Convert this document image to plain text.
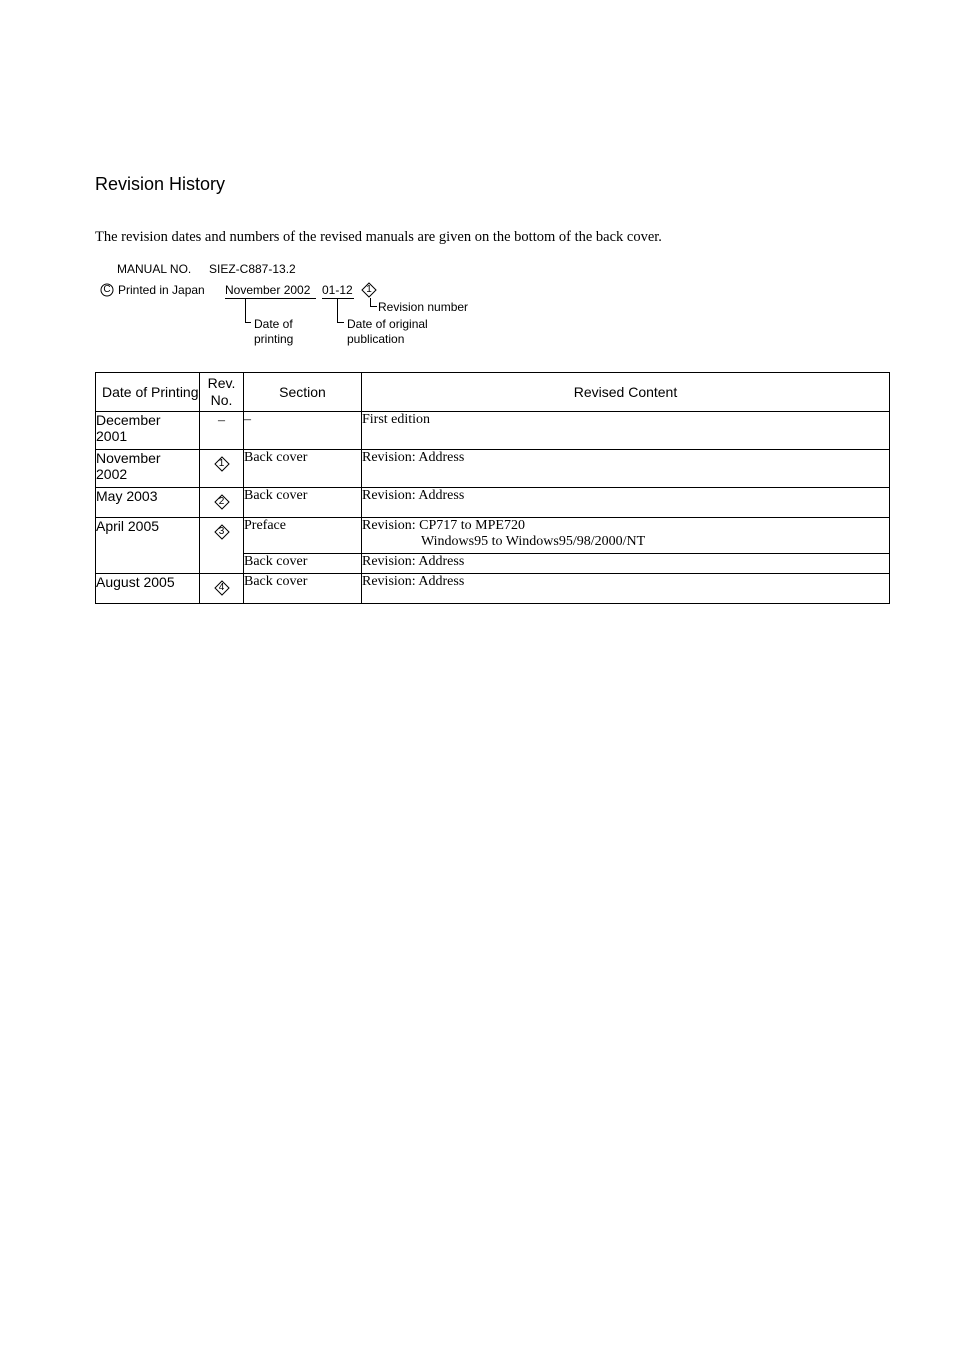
Revision History
The revision dates and numbers of the revised manuals are given on the bottom of the back cover.
MANUAL NO. SIEZ-C887-13.2
C Printed in Japan November 2002 01-12	1
Revision number
Date of
printing
Date of original
publication
Date of Printing	Rev.
No.	Section	Revised Content
December
2001	–	–	First edition
November
2002	1	Back cover	Revision: Address
May 2003	2	Back cover	Revision: Address
April 2005	3	Preface	Revision: CP717 to MPE720
Windows95 to Windows95/98/2000/NT

		Back cover	Revision: Address
August 2005	4	Back cover	Revision: Address
